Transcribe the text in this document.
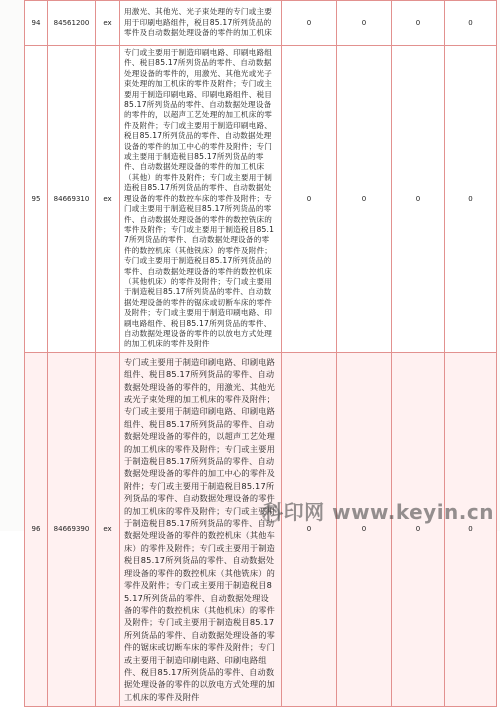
94	84561200	ex	用激光、其他光、光子束处理的专门或主要用于印刷电路组件，税目85.17所列货品的零件及自动数据处理设备的零件的加工机床	0	0	0	0
95	84669310	ex	专门或主要用于制造印刷电路、印刷电路组件、税目85.17所列货品的零件、自动数据处理设备的零件的，用激光、其他光或光子束处理的加工机床的零件及附件；专门或主要用于制造印刷电路、印刷电路组件、税目85.17所列货品的零件、自动数据处理设备的零件的，以超声工艺处理的加工机床的零件及附件；专门或主要用于制造印刷电路、税目85.17所列货品的零件、自动数据处理设备的零件的加工中心的零件及附件；专门或主要用于制造税目85.17所列货品的零件、自动数据处理设备的零件的加工机床（其他）的零件及附件；专门或主要用于制造税目85.17所列货品的零件、自动数据处理设备的零件的数控车床的零件及附件；专门或主要用于制造税目85.17所列货品的零件、自动数据处理设备的零件的数控铣床的零件及附件；专门或主要用于制造税目85.17所列货品的零件、自动数据处理设备的零件的数控机床（其他铣床）的零件及附件；专门或主要用于制造税目85.17所列货品的零件、自动数据处理设备的零件的数控机床（其他机床）的零件及附件；专门或主要用于制造税目85.17所列货品的零件、自动数据处理设备的零件的锯床或切断车床的零件及附件；专门或主要用于制造印刷电路、印刷电路组件、税目85.17所列货品的零件、自动数据处理设备的零件的以放电方式处理的加工机床的零件及附件	0	0	0	0
96	84669390	ex	专门或主要用于制造印刷电路、印刷电路组件、税目85.17所列货品的零件、自动数据处理设备的零件的，用激光、其他光或光子束处理的加工机床的零件及附件；专门或主要用于制造印刷电路、印刷电路组件、税目85.17所列货品的零件、自动数据处理设备的零件的，以超声工艺处理的加工机床的零件及附件；专门或主要用于制造税目85.17所列货品的零件、自动数据处理设备的零件的加工中心的零件及附件；专门或主要用于制造税目85.17所列货品的零件、自动数据处理设备的零件的加工机床的零件及附件；专门或主要用于制造税目85.17所列货品的零件、自动数据处理设备的零件的数控机床（其他车床）的零件及附件；专门或主要用于制造税目85.17所列货品的零件、自动数据处理设备的零件的数控机床（其他铣床）的零件及附件；专门或主要用于制造税目85.17所列货品的零件、自动数据处理设备的零件的数控机床（其他机床）的零件及附件；专门或主要用于制造税目85.17所列货品的零件、自动数据处理设备的零件的锯床或切断车床的零件及附件；专门或主要用于制造印刷电路、印刷电路组件、税目85.17所列货品的零件、自动数据处理设备的零件的以放电方式处理的加工机床的零件及附件	0	0	0	0
科印网 www.keyin.cn
